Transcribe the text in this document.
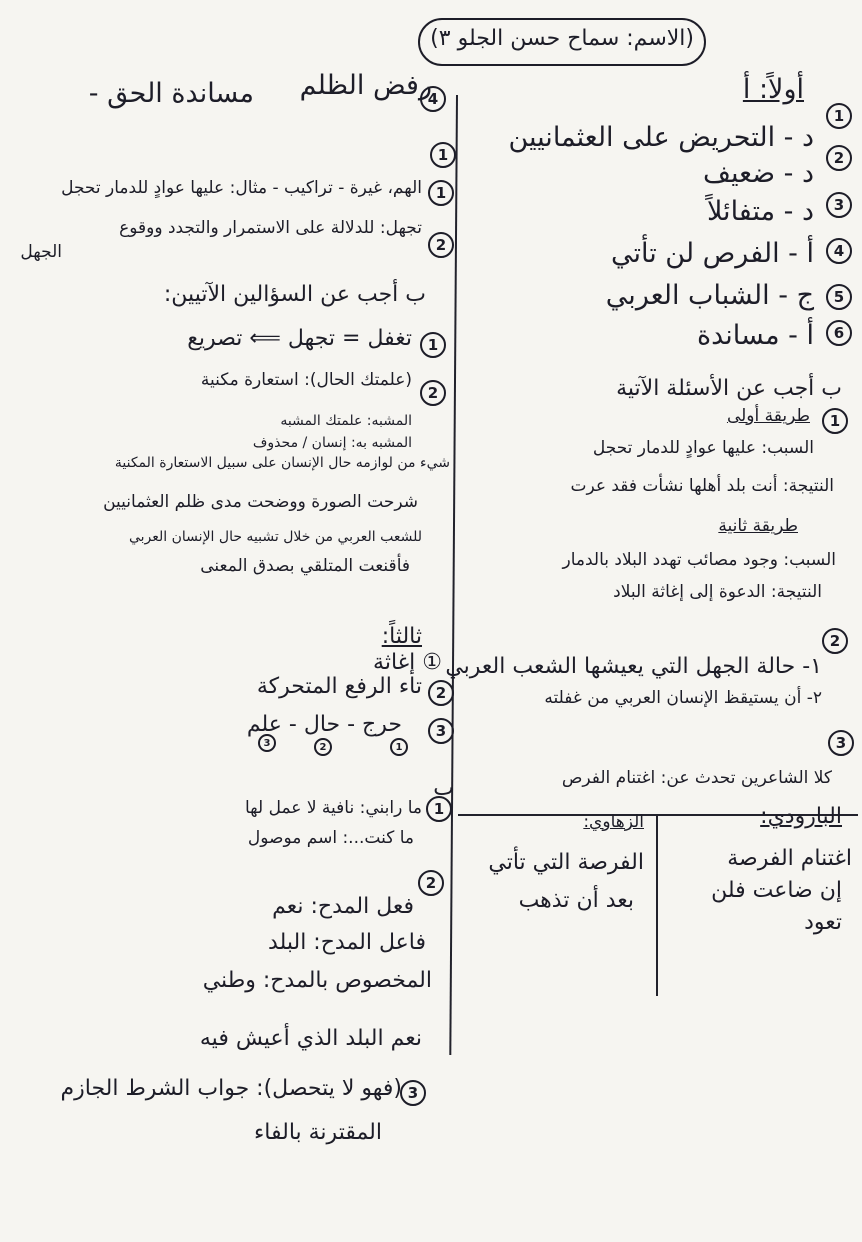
(الاسم: سماح حسن الجلو ٣)
رفض الظلم
مساندة الحق -	4	أولاً: أ
1
د - التحريض على العثمانيين
2
د - ضعيف
3
د - متفائلاً
4
أ - الفرص لن تأتي
5
ج - الشباب العربي
6
أ - مساندة
ب أجب عن الأسئلة الآتية
1
طريقة أولى
السبب: عليها عوادٍ للدمار تحجل
النتيجة: أنت بلد أهلها نشأت فقد عرت
طريقة ثانية
السبب: وجود مصائب تهدد البلاد بالدمار
النتيجة: الدعوة إلى إغاثة البلاد
2
١- حالة الجهل التي يعيشها الشعب العربي
٢- أن يستيقظ الإنسان العربي من غفلته
3
كلا الشاعرين تحدث عن: اغتنام الفرص
البارودي:
اغتنام الفرصة
إن ضاعت فلن
تعود
الزهاوي:
الفرصة التي تأتي
بعد أن تذهب
1
1
الهم، غيرة - تراكيب - مثال: عليها عوادٍ للدمار تحجل
2
تجهل: للدلالة على الاستمرار والتجدد ووقوع
الجهل
ب أجب عن السؤالين الآتيين:
1
تغفل = تجهل ⟸ تصريع
2
(علمتك الحال): استعارة مكنية
المشبه: علمتك المشبه
المشبه به: إنسان / محذوف
شيء من لوازمه حال الإنسان على سبيل الاستعارة المكنية
شرحت الصورة ووضحت مدى ظلم العثمانيين
للشعب العربي من خلال تشبيه حال الإنسان العربي
فأقنعت المتلقي بصدق المعنى
ثالثاً:
① إغاثة
2
تاء الرفع المتحركة
3
حرج - حال - علم
1
2
3
ب
1
ما رابني: نافية لا عمل لها
ما كنت...: اسم موصول
2
فعل المدح: نعم
فاعل المدح: البلد
المخصوص بالمدح: وطني
نعم البلد الذي أعيش فيه
3
(فهو لا يتحصل): جواب الشرط الجازم
المقترنة بالفاء
